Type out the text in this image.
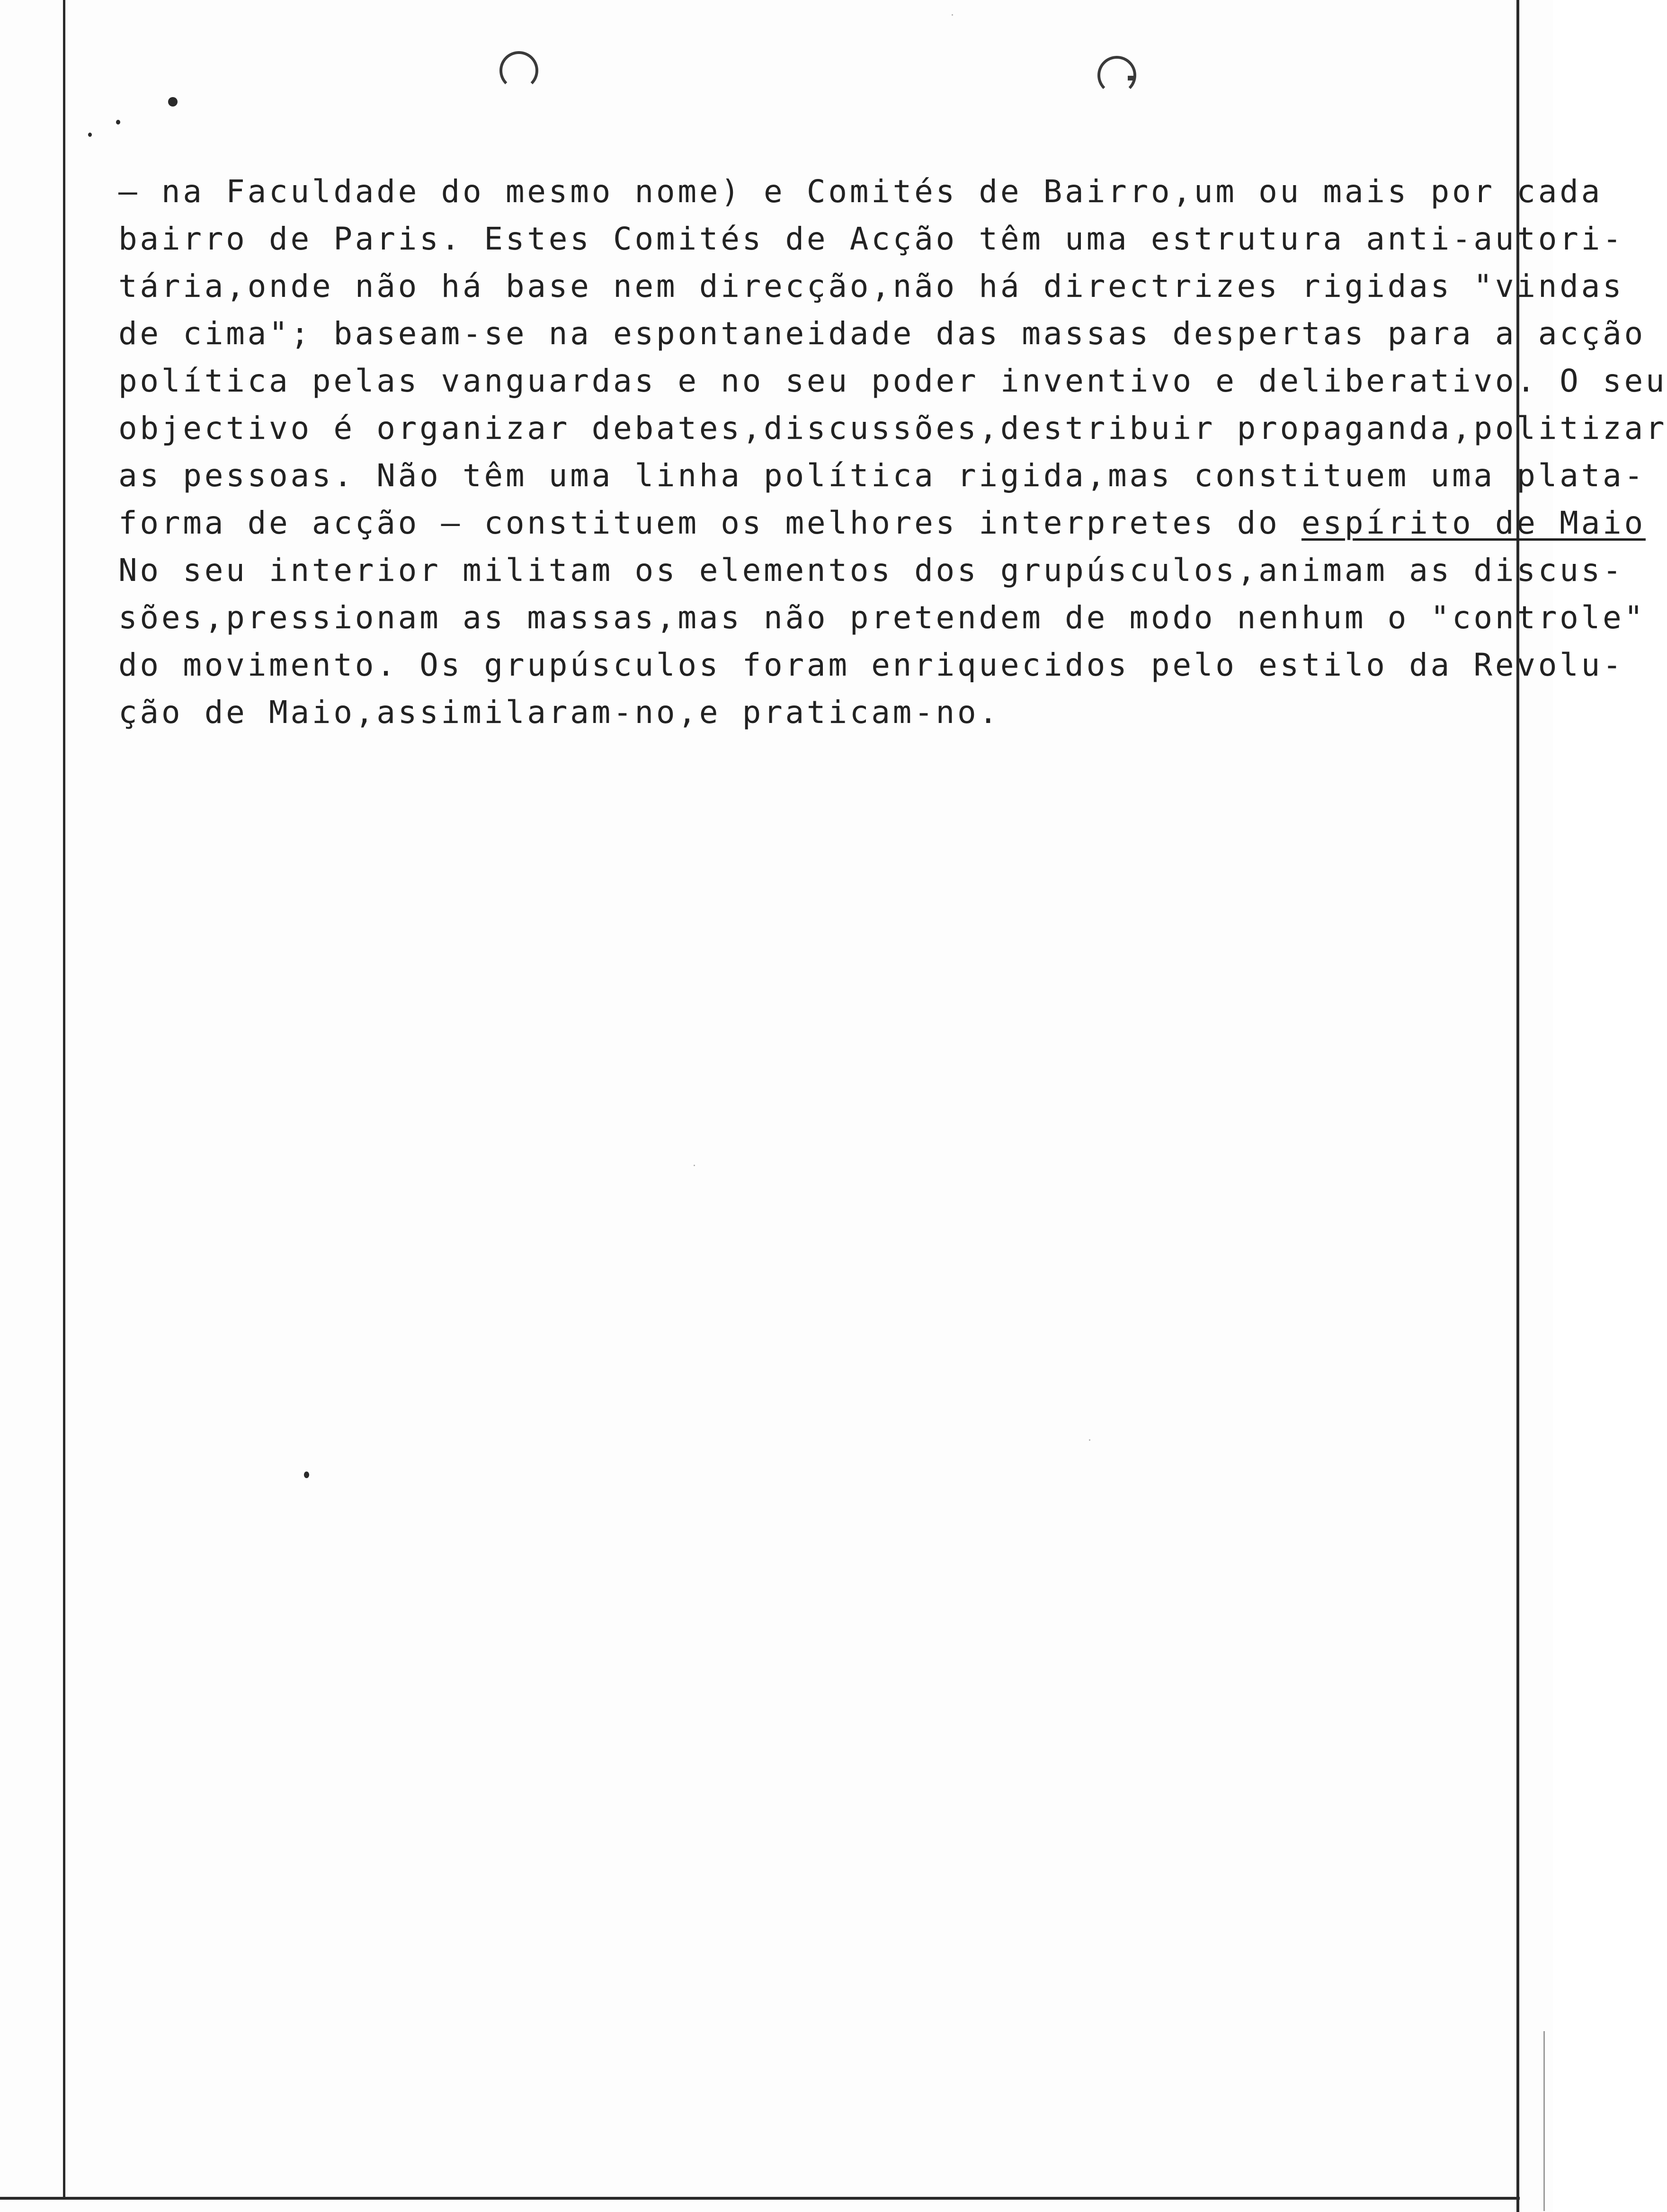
— na Faculdade do mesmo nome) e Comités de Bairro,um ou mais por cada
bairro de Paris. Estes Comités de Acção têm uma estrutura anti-autori-
tária,onde não há base nem direcção,não há directrizes rigidas "vindas
de cima"; baseam-se na espontaneidade das massas despertas para a acção
política pelas vanguardas e no seu poder inventivo e deliberativo. O seu
objectivo é organizar debates,discussões,destribuir propaganda,politizar
as pessoas. Não têm uma linha política rigida,mas constituem uma plata-
forma de acção — constituem os melhores interpretes do espírito de Maio
No seu interior militam os elementos dos grupúsculos,animam as discus-
sões,pressionam as massas,mas não pretendem de modo nenhum o "controle"
do movimento. Os grupúsculos foram enriquecidos pelo estilo da Revolu-
ção de Maio,assimilaram-no,e praticam-no.
